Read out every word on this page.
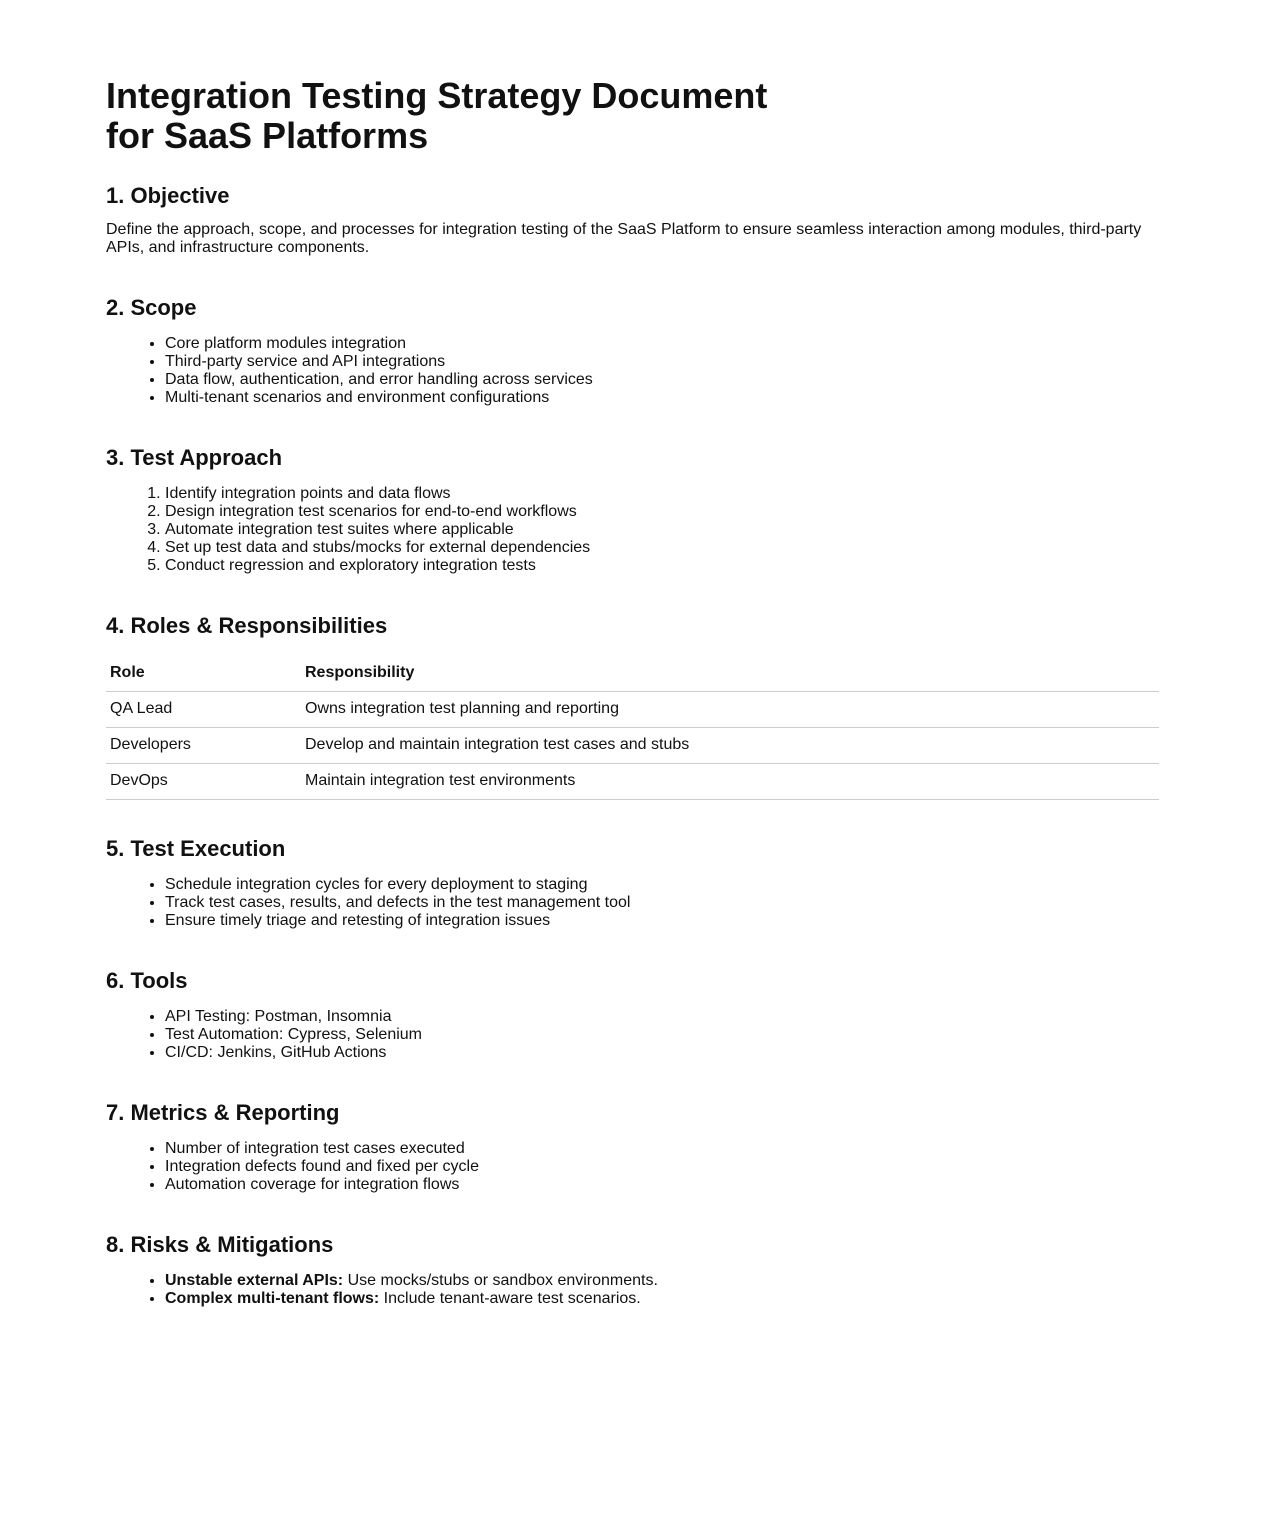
Integration Testing Strategy Document
for SaaS Platforms
1. Objective

Define the approach, scope, and processes for integration testing of the SaaS Platform to ensure seamless interaction among modules, third-party APIs, and infrastructure components.

2. Scope
• Core platform modules integration
• Third-party service and API integrations
• Data flow, authentication, and error handling across services
• Multi-tenant scenarios and environment configurations
3. Test Approach
1. Identify integration points and data flows
2. Design integration test scenarios for end-to-end workflows
3. Automate integration test suites where applicable
4. Set up test data and stubs/mocks for external dependencies
5. Conduct regression and exploratory integration tests
4. Roles & Responsibilities
Role	Responsibility
QA Lead	Owns integration test planning and reporting
Developers	Develop and maintain integration test cases and stubs
DevOps	Maintain integration test environments
5. Test Execution
• Schedule integration cycles for every deployment to staging
• Track test cases, results, and defects in the test management tool
• Ensure timely triage and retesting of integration issues
6. Tools
• API Testing: Postman, Insomnia
• Test Automation: Cypress, Selenium
• CI/CD: Jenkins, GitHub Actions
7. Metrics & Reporting
• Number of integration test cases executed
• Integration defects found and fixed per cycle
• Automation coverage for integration flows
8. Risks & Mitigations
• Unstable external APIs: Use mocks/stubs or sandbox environments.
• Complex multi-tenant flows: Include tenant-aware test scenarios.
